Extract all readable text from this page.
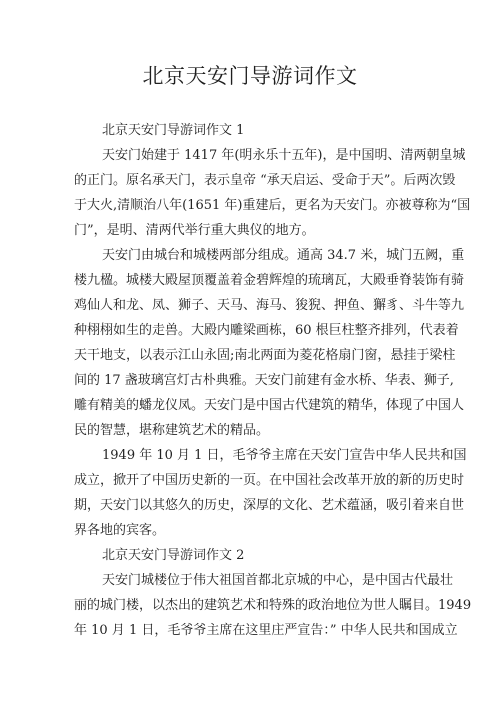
北京天安门导游词作文
北京天安门导游词作文 1

天安门始建于 1417 年(明永乐十五年)，是中国明、清两朝皇城
的正门。原名承天门，表示皇帝 “承天启运、受命于天”。后两次毁
于大火,清顺治八年(1651 年)重建后，更名为天安门。亦被尊称为“国
门”，是明、清两代举行重大典仪的地方。

天安门由城台和城楼两部分组成。通高 34.7 米，城门五阙，重
楼九楹。城楼大殿屋顶覆盖着金碧辉煌的琉璃瓦，大殿垂脊装饰有骑
鸡仙人和龙、凤、狮子、天马、海马、狻猊、押鱼、獬豸、斗牛等九
种栩栩如生的走兽。大殿内雕梁画栋，60 根巨柱整齐排列，代表着
天干地支，以表示江山永固;南北两面为菱花格扇门窗，悬挂于梁柱
间的 17 盏玻璃宫灯古朴典雅。天安门前建有金水桥、华表、狮子,
雕有精美的蟠龙仪凤。天安门是中国古代建筑的精华，体现了中国人
民的智慧，堪称建筑艺术的精品。

1949 年 10 月 1 日，毛爷爷主席在天安门宣告中华人民共和国
成立，掀开了中国历史新的一页。在中国社会改革开放的新的历史时
期，天安门以其悠久的历史，深厚的文化、艺术蕴涵，吸引着来自世
界各地的宾客。

北京天安门导游词作文 2

天安门城楼位于伟大祖国首都北京城的中心，是中国古代最壮
丽的城门楼，以杰出的建筑艺术和特殊的政治地位为世人瞩目。1949
年 10 月 1 日，毛爷爷主席在这里庄严宣告：” 中华人民共和国成立
